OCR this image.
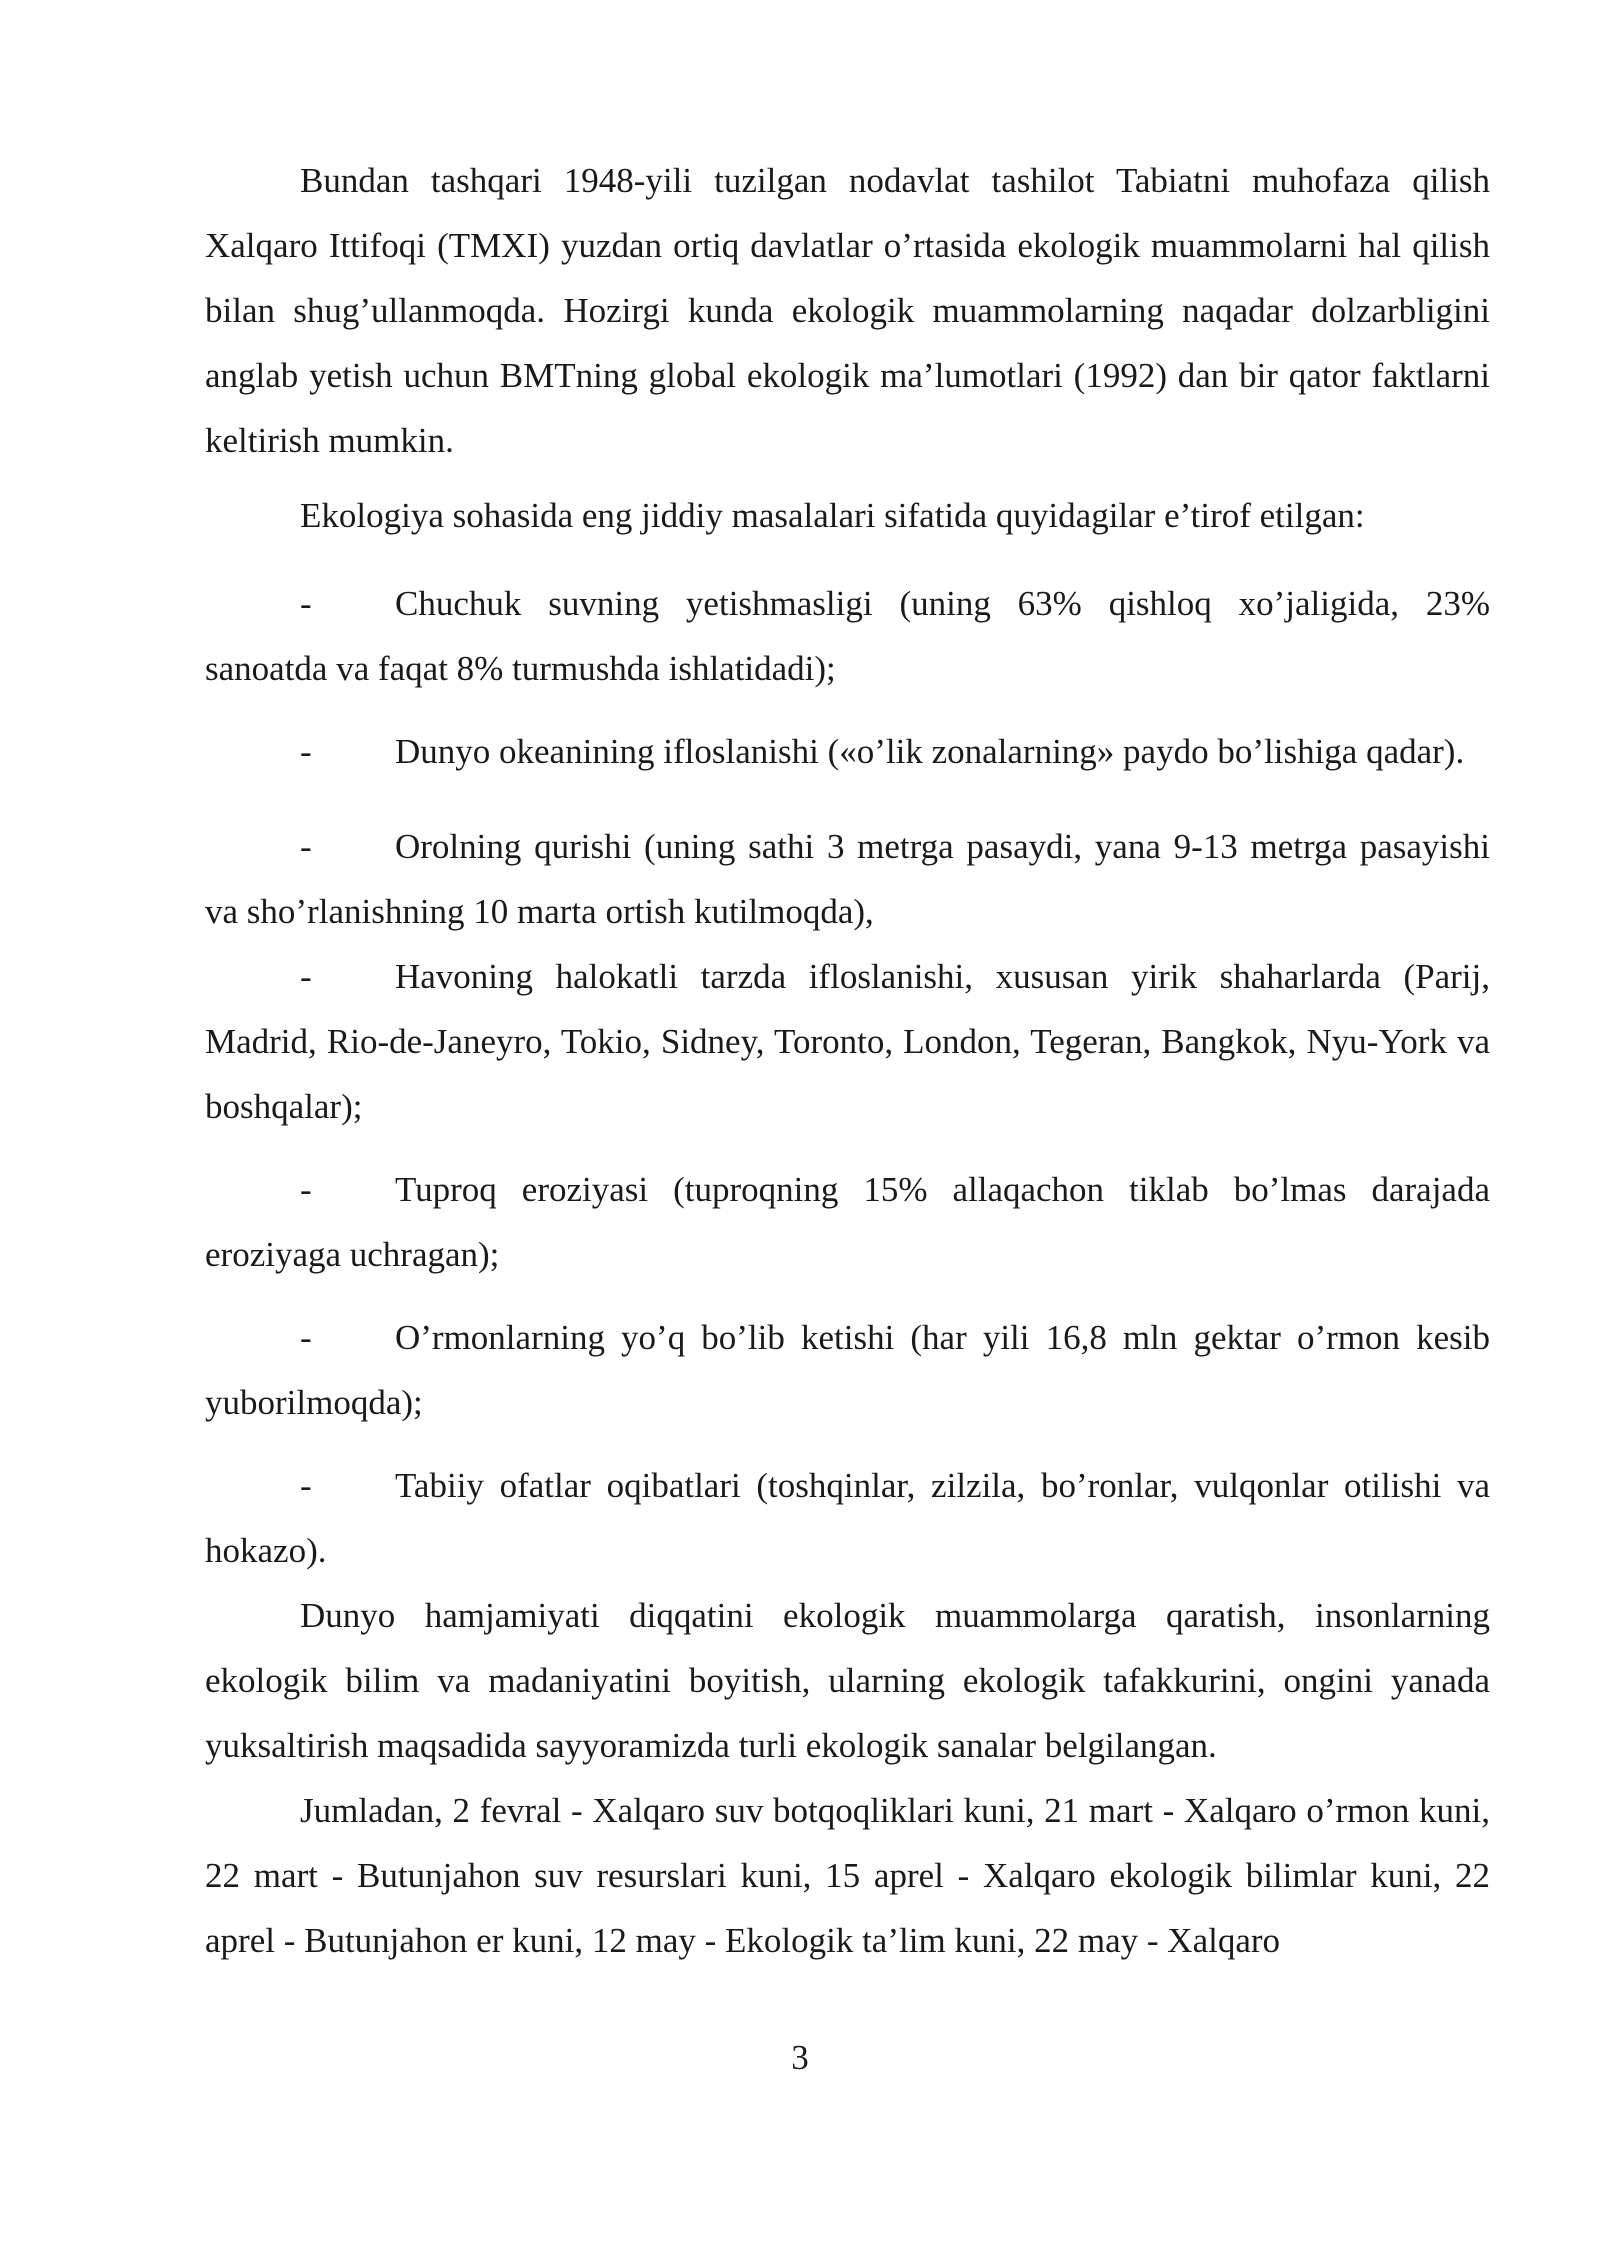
Bundan tashqari 1948-yili tuzilgan nodavlat tashilot Tabiatni muhofaza qilish Xalqaro Ittifoqi (TMXI) yuzdan ortiq davlatlar o’rtasida ekologik muammolarni hal qilish bilan shug’ullanmoqda. Hozirgi kunda ekologik muammolarning naqadar dolzarbligini anglab yetish uchun BMTning global ekologik ma’lumotlari (1992) dan bir qator faktlarni keltirish mumkin.

Ekologiya sohasida eng jiddiy masalalari sifatida quyidagilar e’tirof etilgan:

- Chuchuk suvning yetishmasligi (uning 63% qishloq xo’jaligida, 23% sanoatda va faqat 8% turmushda ishlatidadi);

- Dunyo okeanining ifloslanishi («o’lik zonalarning» paydo bo’lishiga qadar).

- Orolning qurishi (uning sathi 3 metrga pasaydi, yana 9-13 metrga pasayishi va sho’rlanishning 10 marta ortish kutilmoqda),

- Havoning halokatli tarzda ifloslanishi, xususan yirik shaharlarda (Parij, Madrid, Rio-de-Janeyro, Tokio, Sidney, Toronto, London, Tegeran, Bangkok, Nyu-York va boshqalar);

- Tuproq eroziyasi (tuproqning 15% allaqachon tiklab bo’lmas darajada eroziyaga uchragan);

- O’rmonlarning yo’q bo’lib ketishi (har yili 16,8 mln gektar o’rmon kesib yuborilmoqda);

- Tabiiy ofatlar oqibatlari (toshqinlar, zilzila, bo’ronlar, vulqonlar otilishi va hokazo).

Dunyo hamjamiyati diqqatini ekologik muammolarga qaratish, insonlarning ekologik bilim va madaniyatini boyitish, ularning ekologik tafakkurini, ongini yanada yuksaltirish maqsadida sayyoramizda turli ekologik sanalar belgilangan.

Jumladan, 2 fevral - Xalqaro suv botqoqliklari kuni, 21 mart - Xalqaro o’rmon kuni, 22 mart - Butunjahon suv resurslari kuni, 15 aprel - Xalqaro ekologik bilimlar kuni, 22 aprel - Butunjahon er kuni, 12 may - Ekologik ta’lim kuni, 22 may - Xalqaro

3
